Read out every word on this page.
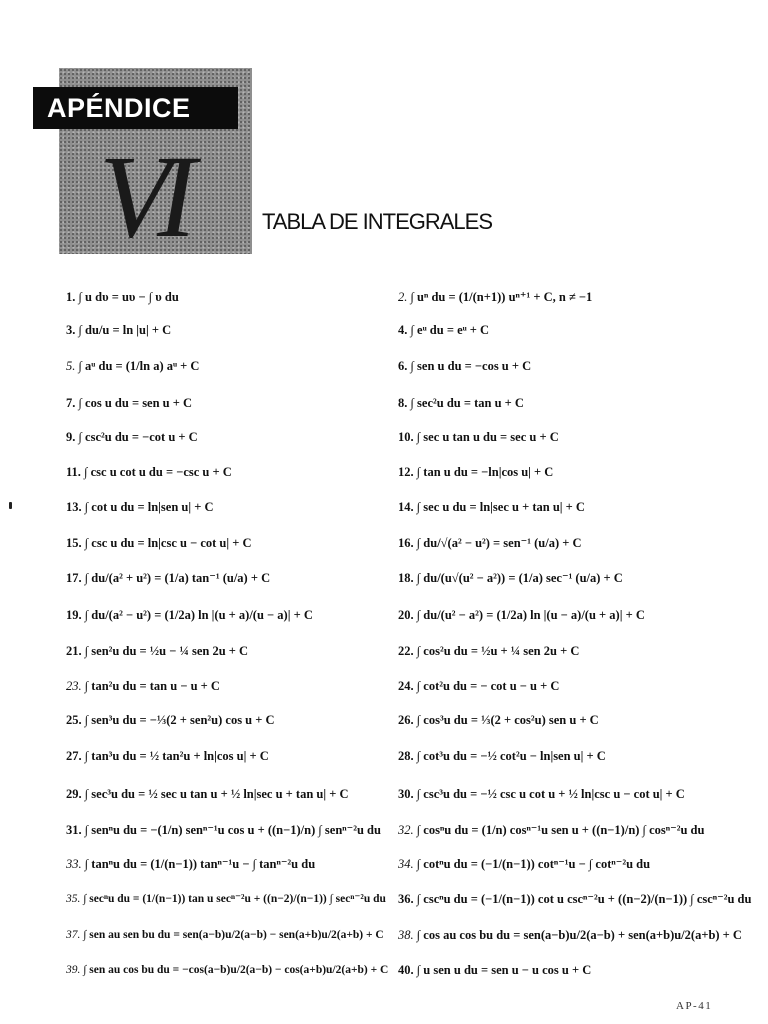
APÉNDICE
VI	TABLA DE INTEGRALES
1. ∫ u dυ = uυ − ∫ υ du	2. ∫ uⁿ du = (1/(n+1)) uⁿ⁺¹ + C, n ≠ −1
3. ∫ du/u = ln |u| + C	4. ∫ eᵘ du = eᵘ + C
5. ∫ aᵘ du = (1/ln a) aᵘ + C	6. ∫ sen u du = −cos u + C
7. ∫ cos u du = sen u + C	8. ∫ sec²u du = tan u + C
9. ∫ csc²u du = −cot u + C	10. ∫ sec u tan u du = sec u + C
11. ∫ csc u cot u du = −csc u + C	12. ∫ tan u du = −ln|cos u| + C
13. ∫ cot u du = ln|sen u| + C	14. ∫ sec u du = ln|sec u + tan u| + C
15. ∫ csc u du = ln|csc u − cot u| + C	16. ∫ du/√(a² − u²) = sen⁻¹ (u/a) + C
17. ∫ du/(a² + u²) = (1/a) tan⁻¹ (u/a) + C	18. ∫ du/(u√(u² − a²)) = (1/a) sec⁻¹ (u/a) + C
19. ∫ du/(a² − u²) = (1/2a) ln |(u + a)/(u − a)| + C	20. ∫ du/(u² − a²) = (1/2a) ln |(u − a)/(u + a)| + C
21. ∫ sen²u du = ½u − ¼ sen 2u + C	22. ∫ cos²u du = ½u + ¼ sen 2u + C
23. ∫ tan²u du = tan u − u + C	24. ∫ cot²u du = − cot u − u + C
25. ∫ sen³u du = −⅓(2 + sen²u) cos u + C	26. ∫ cos³u du = ⅓(2 + cos²u) sen u + C
27. ∫ tan³u du = ½ tan²u + ln|cos u| + C	28. ∫ cot³u du = −½ cot²u − ln|sen u| + C
29. ∫ sec³u du = ½ sec u tan u + ½ ln|sec u + tan u| + C	30. ∫ csc³u du = −½ csc u cot u + ½ ln|csc u − cot u| + C
31. ∫ senⁿu du = −(1/n) senⁿ⁻¹u cos u + ((n−1)/n) ∫ senⁿ⁻²u du 32. ∫ cosⁿu du = (1/n) cosⁿ⁻¹u sen u + ((n−1)/n) ∫ cosⁿ⁻²u du
33. ∫ tanⁿu du = (1/(n−1)) tanⁿ⁻¹u − ∫ tanⁿ⁻²u du	34. ∫ cotⁿu du = (−1/(n−1)) cotⁿ⁻¹u − ∫ cotⁿ⁻²u du
35. ∫ secⁿu du = (1/(n−1)) tan u secⁿ⁻²u + ((n−2)/(n−1)) ∫ secⁿ⁻²u du 36. ∫ cscⁿu du = (−1/(n−1)) cot u cscⁿ⁻²u + ((n−2)/(n−1)) ∫ cscⁿ⁻²u du
37. ∫ sen au sen bu du = sen(a−b)u/2(a−b) − sen(a+b)u/2(a+b) + C 38. ∫ cos au cos bu du = sen(a−b)u/2(a−b) + sen(a+b)u/2(a+b) + C
39. ∫ sen au cos bu du = −cos(a−b)u/2(a−b) − cos(a+b)u/2(a+b) + C 40. ∫ u sen u du = sen u − u cos u + C
AP-41
